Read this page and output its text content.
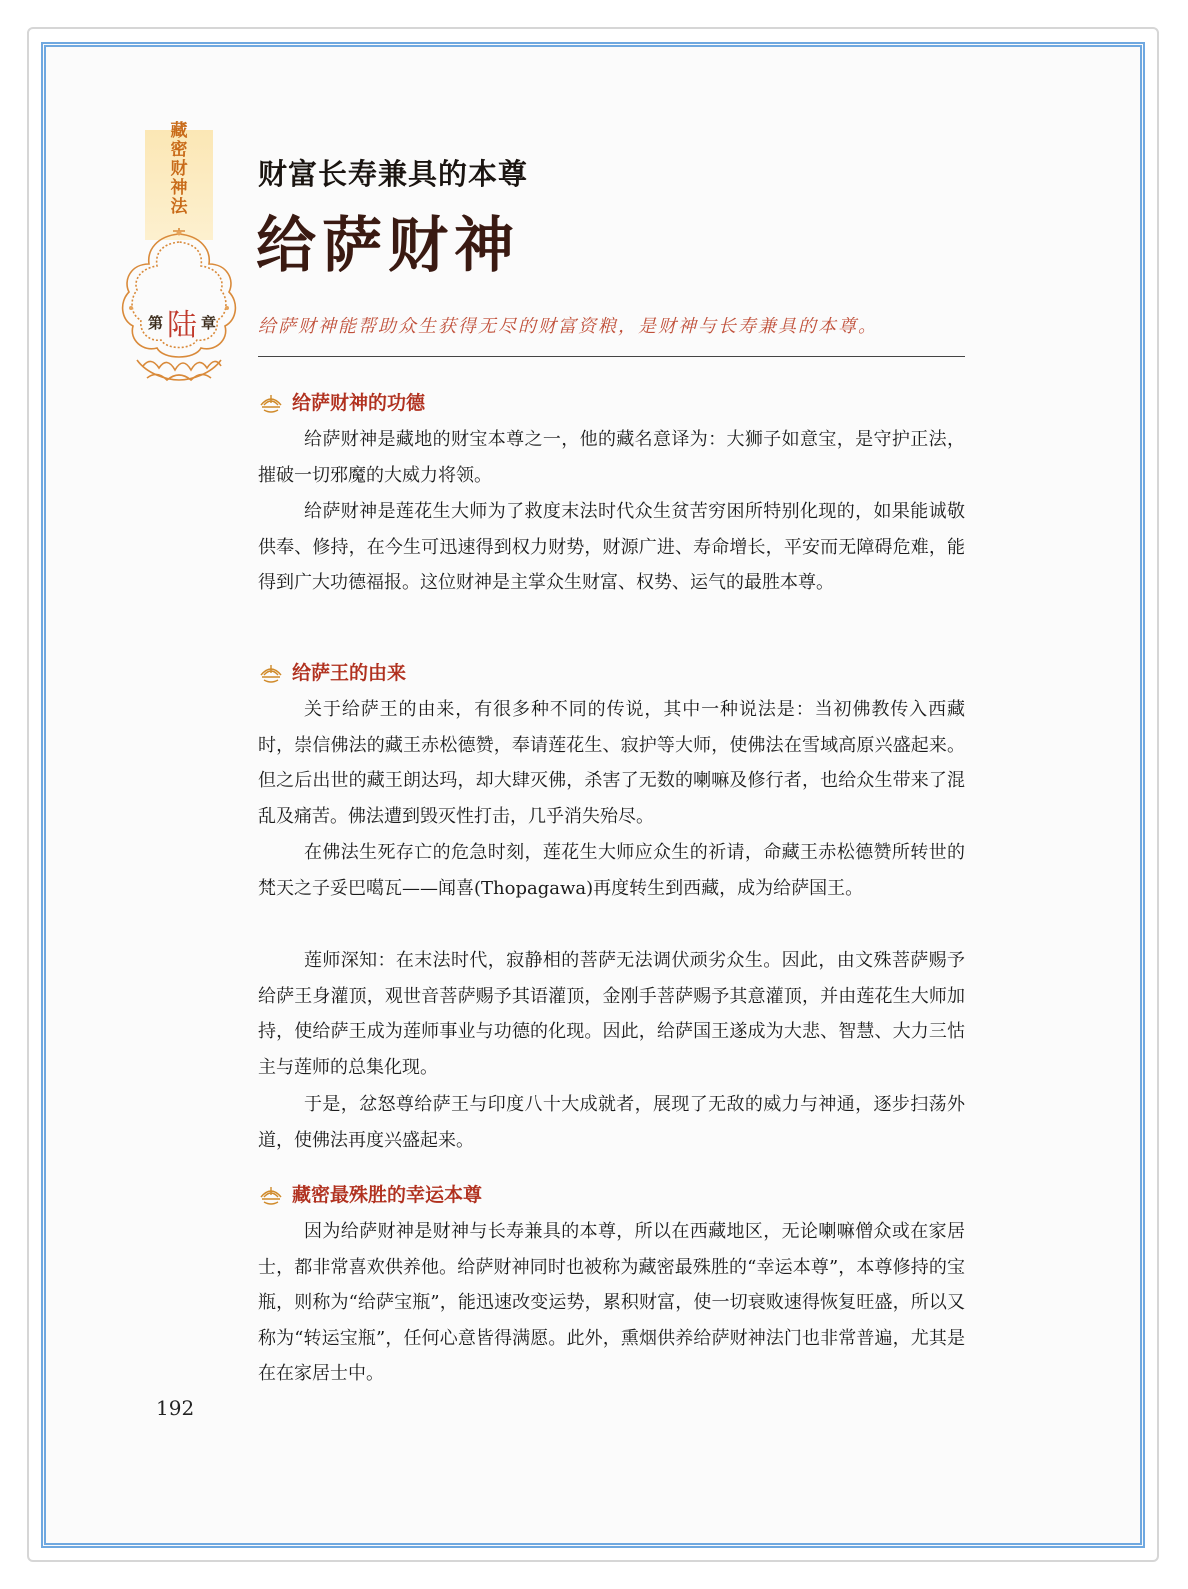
藏密财神法
第 陆 章
财富长寿兼具的本尊
给萨财神
给萨财神能帮助众生获得无尽的财富资粮，是财神与长寿兼具的本尊。
给萨财神的功德

给萨财神是藏地的财宝本尊之一，他的藏名意译为：大狮子如意宝，是守护正法，摧破一切邪魔的大威力将领。

给萨财神是莲花生大师为了救度末法时代众生贫苦穷困所特别化现的，如果能诚敬供奉、修持，在今生可迅速得到权力财势，财源广进、寿命增长，平安而无障碍危难，能得到广大功德福报。这位财神是主掌众生财富、权势、运气的最胜本尊。

给萨王的由来

关于给萨王的由来，有很多种不同的传说，其中一种说法是：当初佛教传入西藏时，崇信佛法的藏王赤松德赞，奉请莲花生、寂护等大师，使佛法在雪域高原兴盛起来。但之后出世的藏王朗达玛，却大肆灭佛，杀害了无数的喇嘛及修行者，也给众生带来了混乱及痛苦。佛法遭到毁灭性打击，几乎消失殆尽。

在佛法生死存亡的危急时刻，莲花生大师应众生的祈请，命藏王赤松德赞所转世的梵天之子妥巴噶瓦——闻喜(Thopagawa)再度转生到西藏，成为给萨国王。

莲师深知：在末法时代，寂静相的菩萨无法调伏顽劣众生。因此，由文殊菩萨赐予给萨王身灌顶，观世音菩萨赐予其语灌顶，金刚手菩萨赐予其意灌顶，并由莲花生大师加持，使给萨王成为莲师事业与功德的化现。因此，给萨国王遂成为大悲、智慧、大力三怙主与莲师的总集化现。

于是，忿怒尊给萨王与印度八十大成就者，展现了无敌的威力与神通，逐步扫荡外道，使佛法再度兴盛起来。

藏密最殊胜的幸运本尊

因为给萨财神是财神与长寿兼具的本尊，所以在西藏地区，无论喇嘛僧众或在家居士，都非常喜欢供养他。给萨财神同时也被称为藏密最殊胜的“幸运本尊”，本尊修持的宝瓶，则称为“给萨宝瓶”，能迅速改变运势，累积财富，使一切衰败速得恢复旺盛，所以又称为“转运宝瓶”，任何心意皆得满愿。此外，熏烟供养给萨财神法门也非常普遍，尤其是在在家居士中。

192
